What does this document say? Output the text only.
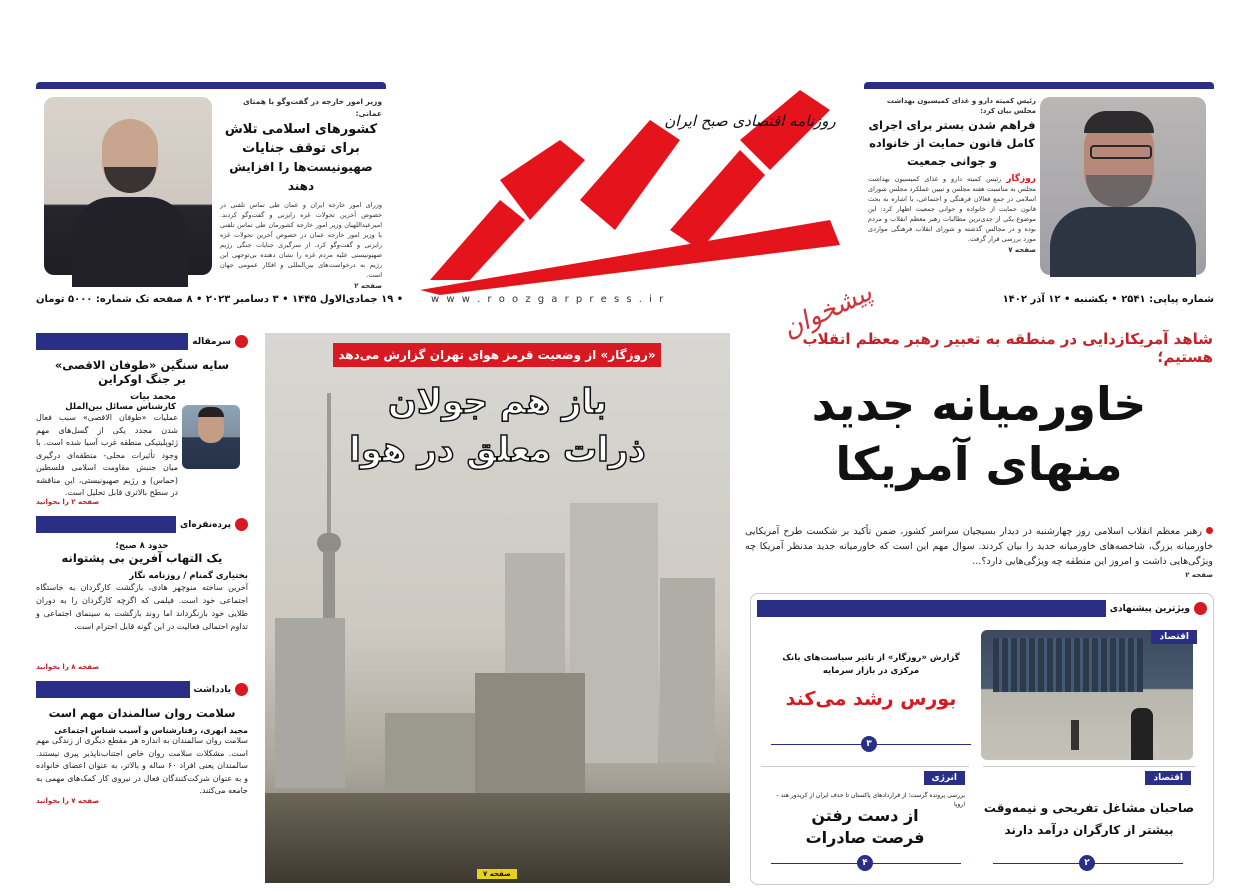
روزنامه اقتصادی صبح ایران

وزیر امور خارجه در گفت‌وگو با همتای عمانی:

کشورهای اسلامی تلاش

برای توقف جنایات

صهیونیست‌ها را افزایش دهند

وزرای امور خارجه ایران و عمان طی تماس تلفنی در خصوص آخرین تحولات غزه رایزنی و گفت‌وگو کردند. امیرعبداللهیان وزیر امور خارجه کشورمان طی تماس تلفنی با وزیر امور خارجه عمان در خصوص آخرین تحولات غزه رایزنی و گفت‌وگو کرد. از سرگیری جنایات جنگی رژیم صهیونیستی علیه مردم غزه را نشان دهنده بی‌توجهی این رژیم به درخواست‌های بین‌المللی و افکار عمومی جهان است.

صفحه ۲

رئیس کمیته دارو و غذای کمیسیون بهداشت مجلس بیان کرد:

فراهم شدن بستر برای اجرای

کامل قانون حمایت از خانواده

و جوانی جمعیت

روزگار رئیس کمیته دارو و غذای کمیسیون بهداشت مجلس به مناسبت هفته مجلس و تبیین عملکرد مجلس شورای اسلامی در جمع فعالان فرهنگی و اجتماعی، با اشاره به بحث قانون حمایت از خانواده و جوانی جمعیت اظهار کرد: این موضوع یکی از جدی‌ترین مطالبات رهبر معظم انقلاب و مردم بوده و در مجالس گذشته و شورای انقلاب فرهنگی مواردی مورد بررسی قرار گرفت.

صفحه ۷

شماره پیاپی: ۲۵۴۱ • یکشنبه • ۱۲ آذر ۱۴۰۲
w w w . r o o z g a r p r e s s . i r
• ۱۹ جمادی‌الاول ۱۴۴۵ • ۳ دسامبر ۲۰۲۳ • ۸ صفحه تک شماره: ۵۰۰۰ تومان	پیشخوان

شاهد آمریکازدایی در منطقه به تعبیر رهبر معظم انقلاب هستیم؛

خاورمیانه جدید

منهای آمریکا

رهبر معظم انقلاب اسلامی روز چهارشنبه در دیدار بسیجیان سراسر کشور، ضمن تأکید بر شکست طرح آمریکایی خاورمیانه بزرگ، شاخصه‌های خاورمیانه جدید را بیان کردند. سوال مهم این است که خاورمیانه جدید مدنظر آمریکا چه ویژگی‌هایی داشت و امروز این منطقه چه ویژگی‌هایی دارد؟...

صفحه ۲

«روزگار» از وضعیت قرمز هوای تهران گزارش می‌دهد

باز هم جولان

ذرات معلق در هوا

صفحه ۷
سرمقاله

سایه سنگین «طوفان الاقصی»

بر جنگ اوکراین

محمد بیات

کارشناس مسائل بین‌الملل

عملیات «طوفان الاقصی» سبب فعال شدن مجدد یکی از گسل‌های مهم ژئوپلیتیکی منطقه غرب آسیا شده است. با وجود تأثیرات محلی- منطقه‌ای درگیری میان جنبش مقاومت اسلامی فلسطین (حماس) و رژیم صهیونیستی، این مناقشه در سطح بالاتری قابل تحلیل است.

صفحه ۲ را بخوانید

پرده‌نقره‌ای

حدود ۸ صبح؛

یک التهاب آفرین بی پشتوانه

بختیاری گمنام / روزنامه نگار

آخرین ساخته منوچهر هادی، بازگشت کارگردان به خاستگاه اجتماعی خود است. فیلمی که اگرچه کارگردان را به دوران طلایی خود بازنگرداند اما روند بازگشت به سینمای اجتماعی و تداوم احتمالی فعالیت در این گونه قابل احترام است.

صفحه ۸ را بخوانید

یادداشت

سلامت روان سالمندان مهم است

مجید ابهری، رفتارشناس و آسیب شناس اجتماعی

سلامت روان سالمندان به اندازه هر مقطع دیگری از زندگی مهم است. مشکلات سلامت روان خاص اجتناب‌ناپذیر پیری نیستند. سالمندان یعنی افراد ۶۰ ساله و بالاتر، به عنوان اعضای خانواده و به عنوان شرکت‌کنندگان فعال در نیروی کار کمک‌های مهمی به جامعه می‌کنند.

صفحه ۷ را بخوانید

ویژترین پیشنهادی
اقتصاد

گزارش «روزگار» از تاثیر سیاست‌های بانک مرکزی در بازار سرمایه

بورس رشد می‌کند

۳
انرژی

بررسی پرونده گرست؛ از قراردادهای پاکستان تا حذف ایران از کریدور هند - اروپا

از دست رفتن

فرصت صادرات

۴
اقتصاد

صاحبان مشاغل تفریحی و نیمه‌وقت

بیشتر از کارگران درآمد دارند

۲
